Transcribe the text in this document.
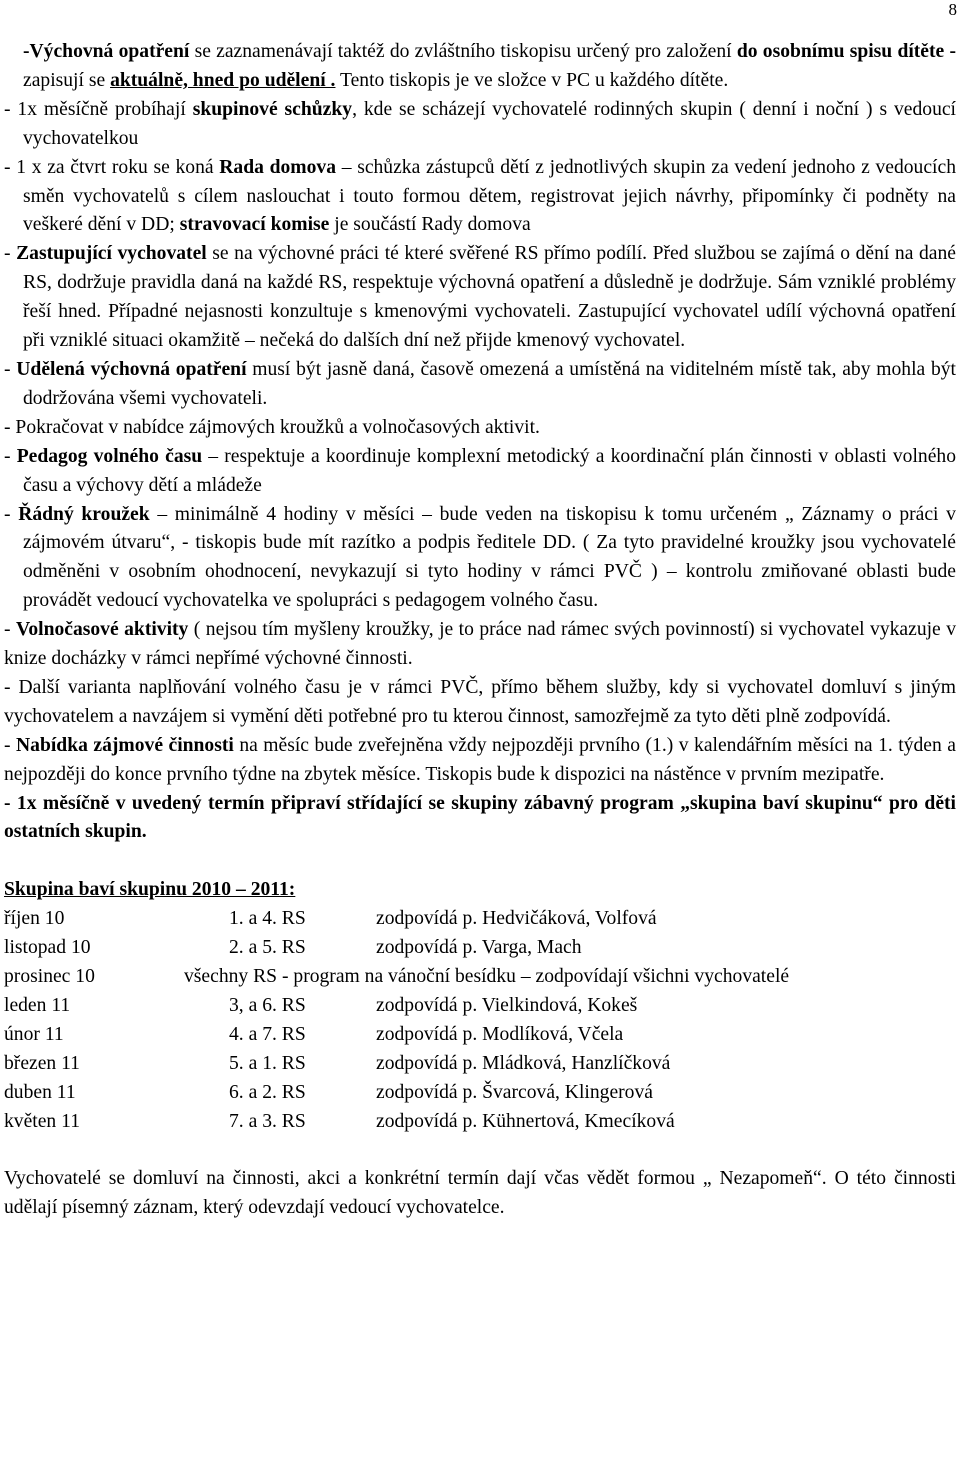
8

-Výchovná opatření se zaznamenávají taktéž do zvláštního tiskopisu určený pro založení do osobnímu spisu dítěte - zapisují se aktuálně, hned po udělení . Tento tiskopis je ve složce v PC u každého dítěte.

- 1x měsíčně probíhají skupinové schůzky, kde se scházejí vychovatelé rodinných skupin ( denní i noční ) s vedoucí vychovatelkou

- 1 x za čtvrt roku se koná Rada domova – schůzka zástupců dětí z jednotlivých skupin za vedení jednoho z vedoucích směn vychovatelů s cílem naslouchat i touto formou dětem, registrovat jejich návrhy, připomínky či podněty na veškeré dění v DD; stravovací komise je součástí Rady domova

- Zastupující vychovatel se na výchovné práci té které svěřené RS přímo podílí. Před službou se zajímá o dění na dané RS, dodržuje pravidla daná na každé RS, respektuje výchovná opatření a důsledně je dodržuje. Sám vzniklé problémy řeší hned. Případné nejasnosti konzultuje s kmenovými vychovateli. Zastupující vychovatel udílí výchovná opatření při vzniklé situaci okamžitě – nečeká do dalších dní než přijde kmenový vychovatel.

- Udělená výchovná opatření musí být jasně daná, časově omezená a umístěná na viditelném místě tak, aby mohla být dodržována všemi vychovateli.

- Pokračovat v nabídce zájmových kroužků a volnočasových aktivit.

- Pedagog volného času – respektuje a koordinuje komplexní metodický a koordinační plán činnosti v oblasti volného času a výchovy dětí a mládeže

- Řádný kroužek – minimálně 4 hodiny v měsíci – bude veden na tiskopisu k tomu určeném „ Záznamy o práci v zájmovém útvaru“, - tiskopis bude mít razítko a podpis ředitele DD. ( Za tyto pravidelné kroužky jsou vychovatelé odměněni v osobním ohodnocení, nevykazují si tyto hodiny v rámci PVČ ) – kontrolu zmiňované oblasti bude provádět vedoucí vychovatelka ve spolupráci s pedagogem volného času.

- Volnočasové aktivity ( nejsou tím myšleny kroužky, je to práce nad rámec svých povinností) si vychovatel vykazuje v knize docházky v rámci nepřímé výchovné činnosti.

- Další varianta naplňování volného času je v rámci PVČ, přímo během služby, kdy si vychovatel domluví s jiným vychovatelem a navzájem si vymění děti potřebné pro tu kterou činnost, samozřejmě za tyto děti plně zodpovídá.

- Nabídka zájmové činnosti na měsíc bude zveřejněna vždy nejpozději prvního (1.) v kalendářním měsíci na 1. týden a nejpozději do konce prvního týdne na zbytek měsíce. Tiskopis bude k dispozici na nástěnce v prvním mezipatře.

- 1x měsíčně v uvedený termín připraví střídající se skupiny zábavný program „skupina baví skupinu“ pro děti ostatních skupin.

Skupina baví skupinu 2010 – 2011:

říjen 10	1. a 4. RS	zodpovídá p. Hedvičáková, Volfová
listopad 10	2. a 5. RS	zodpovídá p. Varga, Mach
prosinec 10	všechny RS - program na vánoční besídku – zodpovídají všichni vychovatelé
leden 11	3, a 6. RS	zodpovídá p. Vielkindová, Kokeš
únor 11	4. a 7. RS	zodpovídá p. Modlíková, Včela
březen 11	5. a 1. RS	zodpovídá p. Mládková, Hanzlíčková
duben 11	6. a 2. RS	zodpovídá p. Švarcová, Klingerová
květen 11	7. a 3. RS	zodpovídá p. Kühnertová, Kmecíková

Vychovatelé se domluví na činnosti, akci a konkrétní termín dají včas vědět formou „ Nezapomeň“. O této činnosti udělají písemný záznam, který odevzdají vedoucí vychovatelce.
